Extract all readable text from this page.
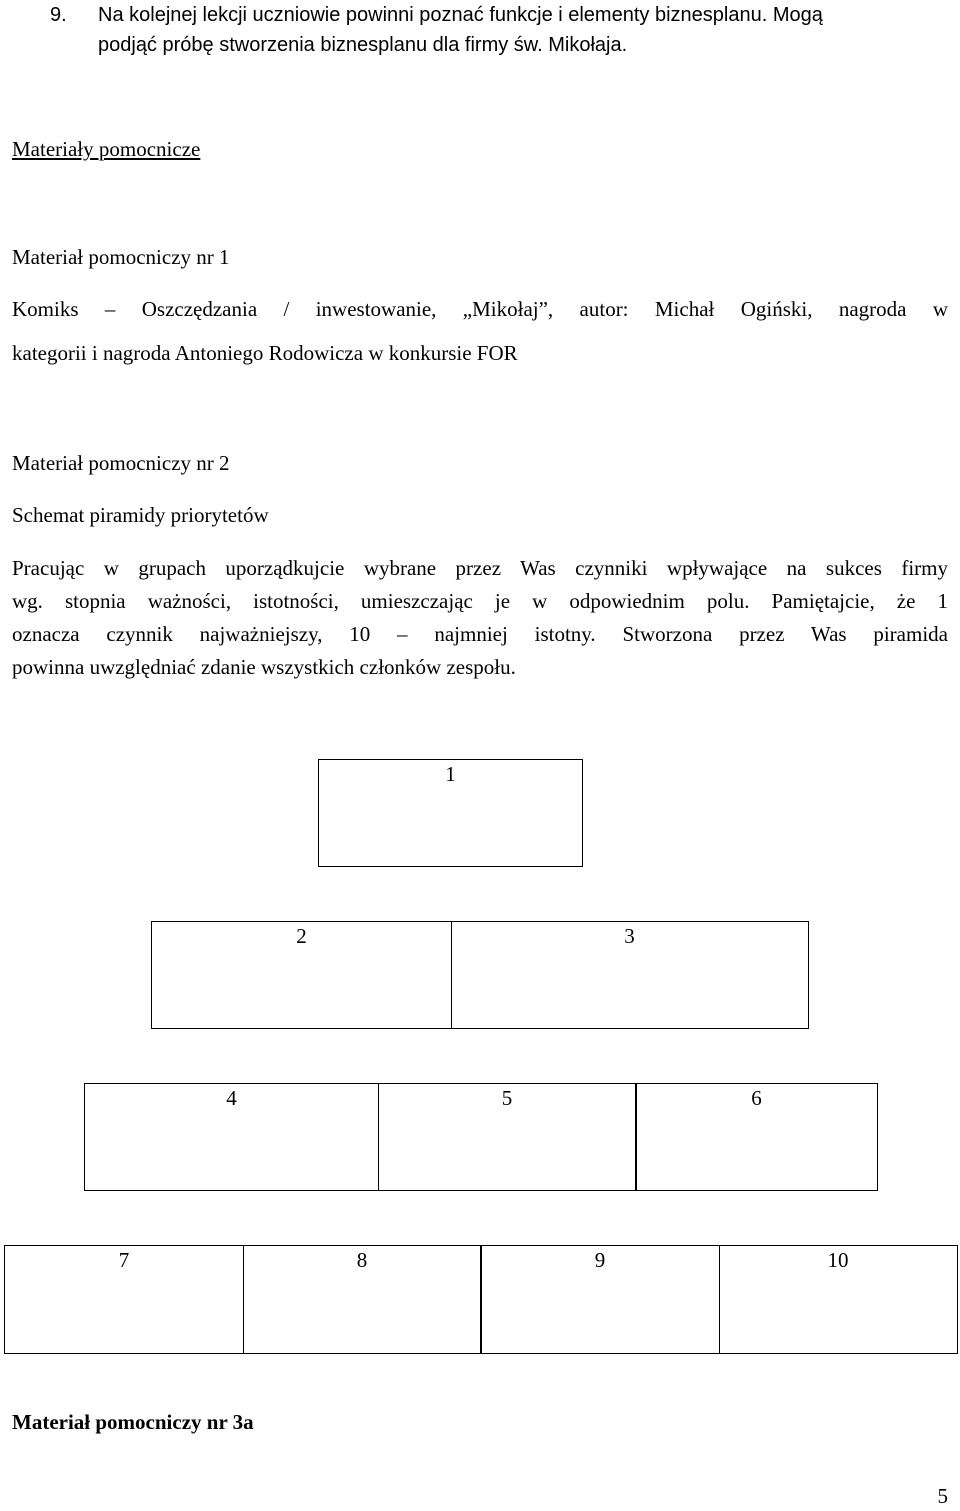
9. Na kolejnej lekcji uczniowie powinni poznać funkcje i elementy biznesplanu. Mogą
podjąć próbę stworzenia biznesplanu dla firmy św. Mikołaja.
Materiały pomocnicze
Materiał pomocniczy nr 1
Komiks – Oszczędzania / inwestowanie, „Mikołaj”, autor: Michał Ogiński, nagroda w
kategorii i nagroda Antoniego Rodowicza w konkursie FOR
Materiał pomocniczy nr 2
Schemat piramidy priorytetów
Pracując w grupach uporządkujcie wybrane przez Was czynniki wpływające na sukces firmy
wg. stopnia ważności, istotności, umieszczając je w odpowiednim polu. Pamiętajcie, że 1
oznacza czynnik najważniejszy, 10 – najmniej istotny. Stworzona przez Was piramida
powinna uwzględniać zdanie wszystkich członków zespołu.
1
2	3
4	5	6
7	8	9	10
Materiał pomocniczy nr 3a
5
